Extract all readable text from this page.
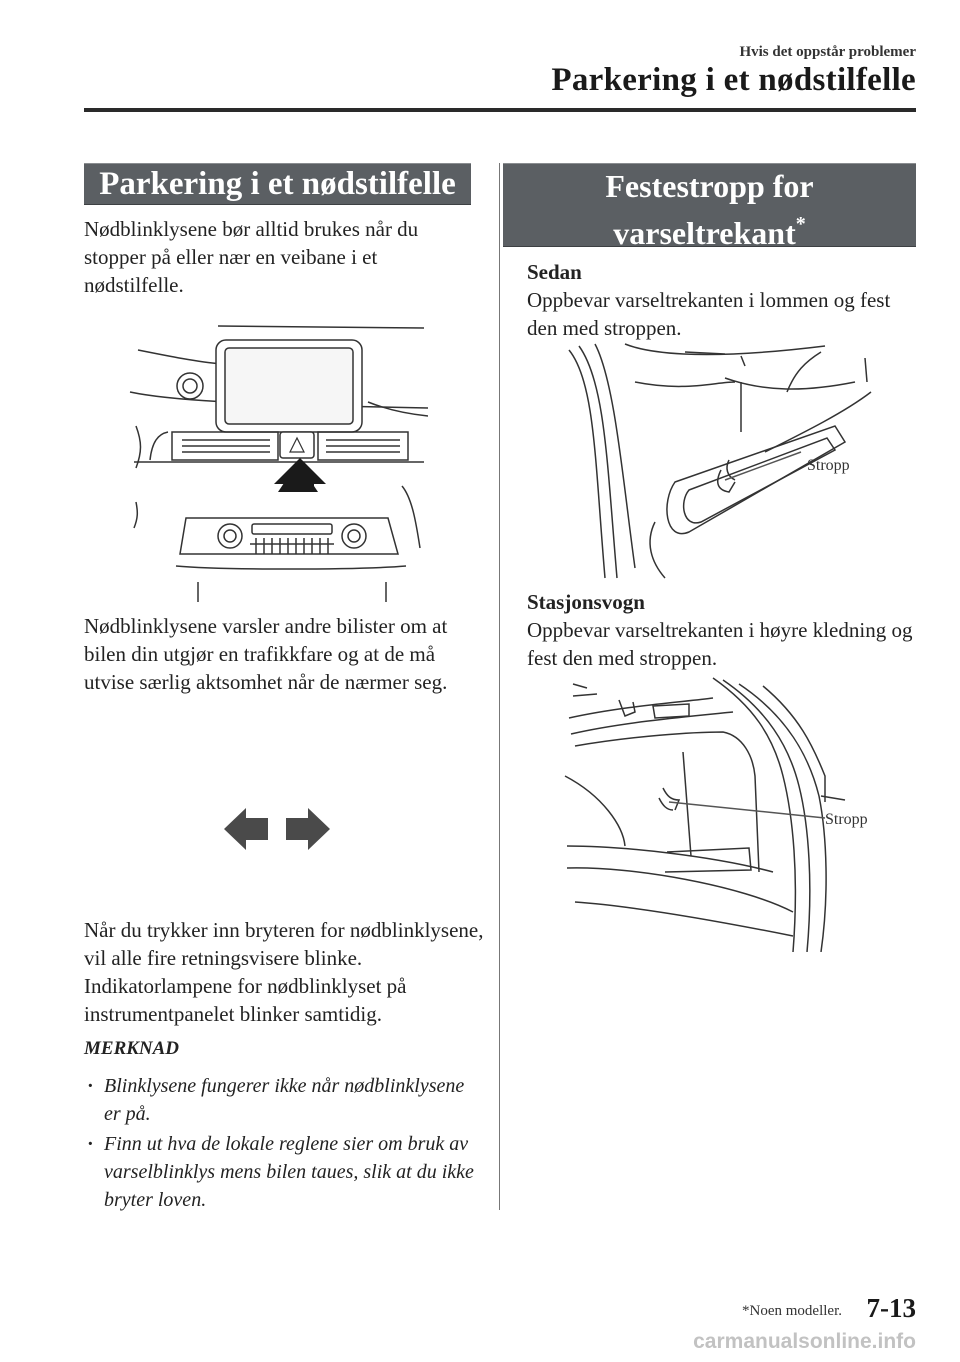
Hvis det oppstår problemer
Parkering i et nødstilfelle
Parkering i et nødstilfelle
Nødblinklysene bør alltid brukes når du stopper på eller nær en veibane i et nødstilfelle.
Nødblinklysene varsler andre bilister om at bilen din utgjør en trafikkfare og at de må utvise særlig aktsomhet når de nærmer seg.
Når du trykker inn bryteren for nødblinklysene, vil alle fire retningsvisere blinke. Indikatorlampene for nødblinklyset på instrumentpanelet blinker samtidig.
MERKNAD
· Blinklysene fungerer ikke når nødblinklysene er på.
· Finn ut hva de lokale reglene sier om bruk av varselblinklys mens bilen taues, slik at du ikke bryter loven.
Festestropp for
varseltrekant*
Sedan
Oppbevar varseltrekanten i lommen og fest den med stroppen.
Stropp
Stasjonsvogn
Oppbevar varseltrekanten i høyre kledning og fest den med stroppen.
Stropp
*Noen modeller. 7-13
carmanualsonline.info
